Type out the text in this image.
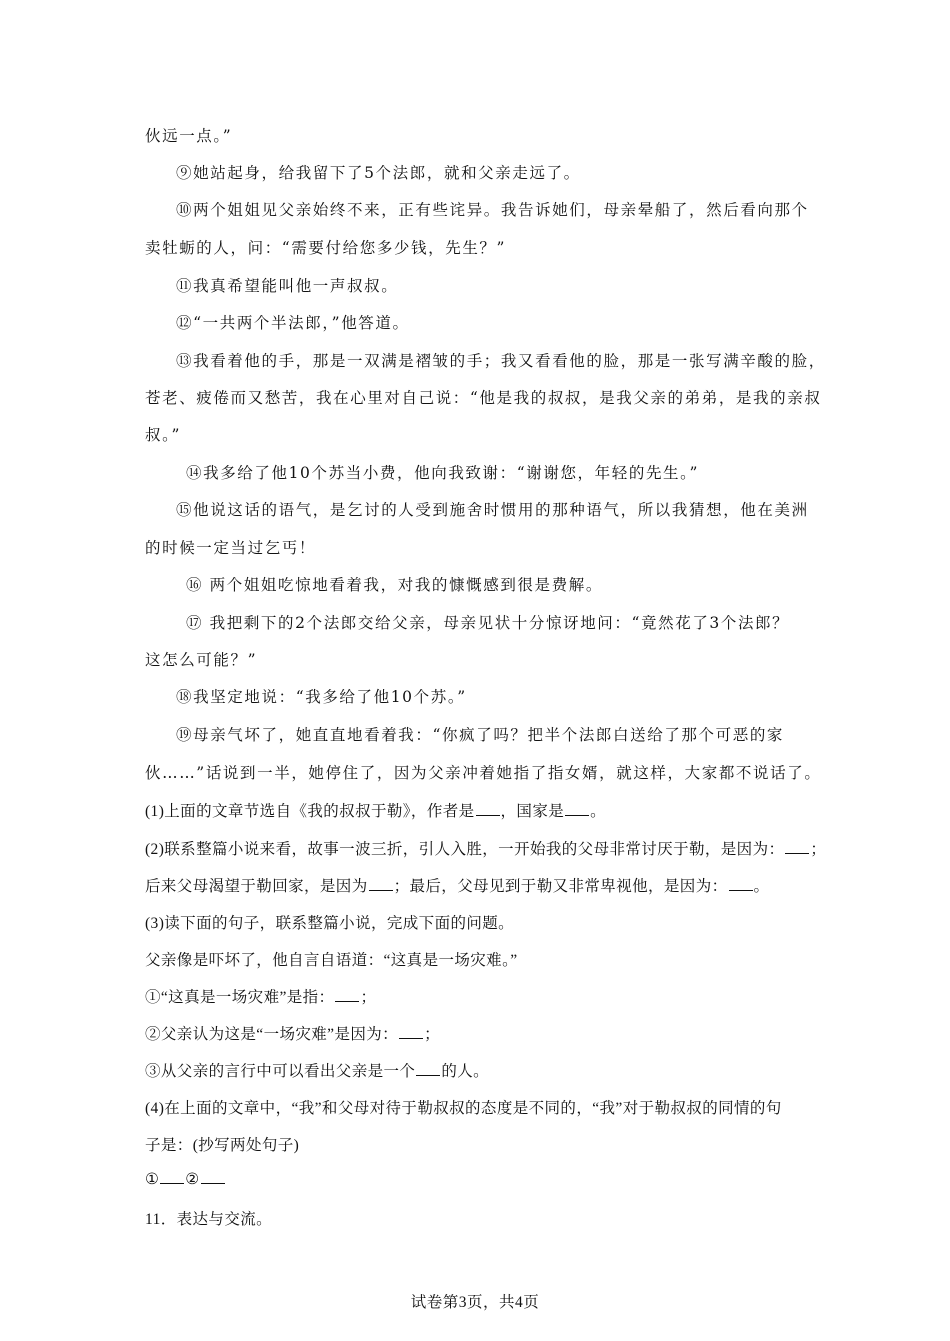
伙远一点。”
⑨她站起身，给我留下了5个法郎，就和父亲走远了。
⑩两个姐姐见父亲始终不来，正有些诧异。我告诉她们，母亲晕船了，然后看向那个
卖牡蛎的人，问：“需要付给您多少钱，先生？”
⑪我真希望能叫他一声叔叔。
⑫“一共两个半法郎，”他答道。
⑬我看着他的手，那是一双满是褶皱的手；我又看看他的脸，那是一张写满辛酸的脸，
苍老、疲倦而又愁苦，我在心里对自己说：“他是我的叔叔，是我父亲的弟弟，是我的亲叔
叔。”
⑭我多给了他10个苏当小费，他向我致谢：“谢谢您，年轻的先生。”
⑮他说这话的语气，是乞讨的人受到施舍时惯用的那种语气，所以我猜想，他在美洲
的时候一定当过乞丐！
⑯ 两个姐姐吃惊地看着我，对我的慷慨感到很是费解。
⑰ 我把剩下的2个法郎交给父亲，母亲见状十分惊讶地问：“竟然花了3个法郎？
这怎么可能？”
⑱我坚定地说：“我多给了他10个苏。”
⑲母亲气坏了，她直直地看着我：“你疯了吗？把半个法郎白送给了那个可恶的家
伙……”话说到一半，她停住了，因为父亲冲着她指了指女婿，就这样，大家都不说话了。
(1)上面的文章节选自《我的叔叔于勒》，作者是 ，国家是 。
(2)联系整篇小说来看，故事一波三折，引人入胜，一开始我的父母非常讨厌于勒，是因为： ；
后来父母渴望于勒回家，是因为 ；最后，父母见到于勒又非常卑视他，是因为： 。
(3)读下面的句子，联系整篇小说，完成下面的问题。
父亲像是吓坏了，他自言自语道：“这真是一场灾难。”
①“这真是一场灾难”是指： ；
②父亲认为这是“一场灾难”是因为： ；
③从父亲的言行中可以看出父亲是一个 的人。
(4)在上面的文章中，“我”和父母对待于勒叔叔的态度是不同的，“我”对于勒叔叔的同情的句
子是：(抄写两处句子)
① ②
11．表达与交流。
试卷第3页，共4页
